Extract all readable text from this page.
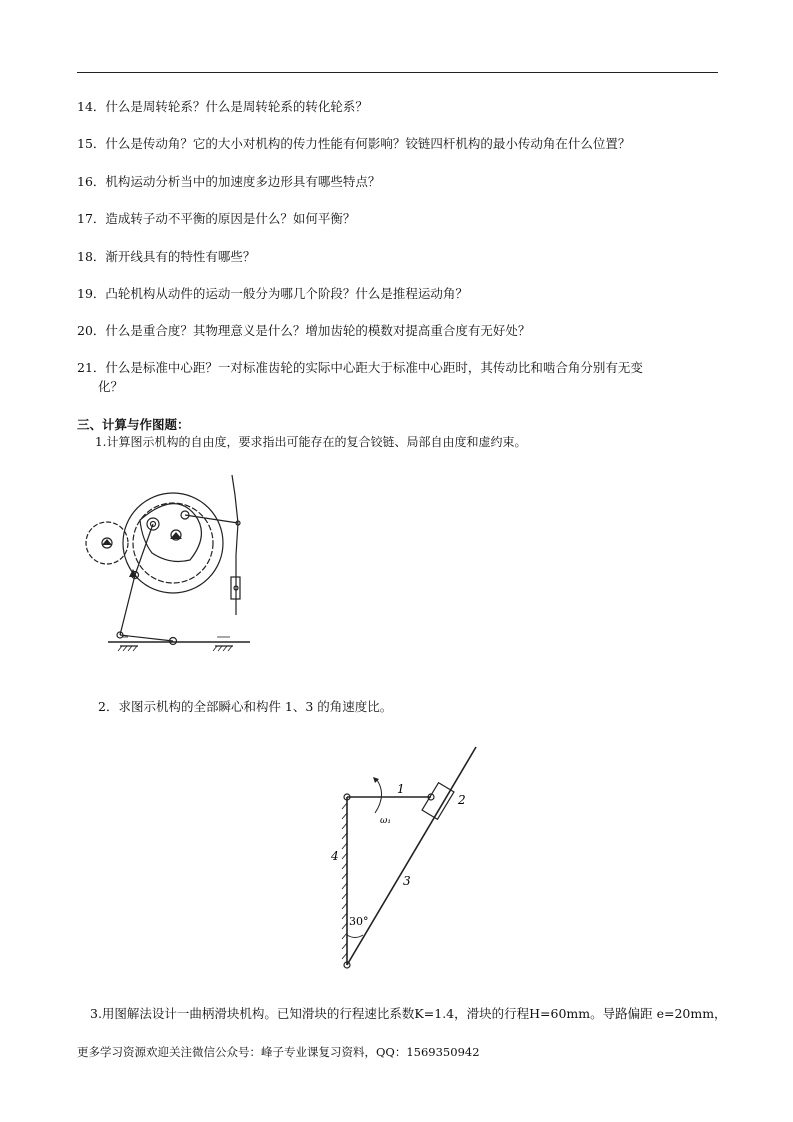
14．什么是周转轮系？什么是周转轮系的转化轮系？
15．什么是传动角？它的大小对机构的传力性能有何影响？铰链四杆机构的最小传动角在什么位置？
16．机构运动分析当中的加速度多边形具有哪些特点？
17．造成转子动不平衡的原因是什么？如何平衡？
18．渐开线具有的特性有哪些？
19．凸轮机构从动件的运动一般分为哪几个阶段？什么是推程运动角？
20．什么是重合度？其物理意义是什么？增加齿轮的模数对提高重合度有无好处？
21．什么是标准中心距？一对标准齿轮的实际中心距大于标准中心距时，其传动比和啮合角分别有无变
化？
三、计算与作图题：
1.计算图示机构的自由度，要求指出可能存在的复合铰链、局部自由度和虚约束。
2．求图示机构的全部瞬心和构件 1、3 的角速度比。
1
2
3
4
ω₁
30°
3.用图解法设计一曲柄滑块机构。已知滑块的行程速比系数K=1.4，滑块的行程H=60mm。导路偏距 e=20mm，
更多学习资源欢迎关注微信公众号：峰子专业课复习资料，QQ：1569350942
